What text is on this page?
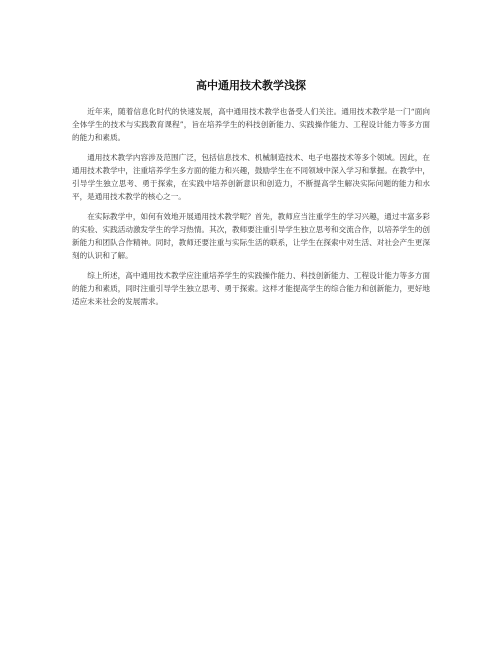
高中通用技术教学浅探

近年来，随着信息化时代的快速发展，高中通用技术教学也备受人们关注。通用技术教学是一门“面向全体学生的技术与实践教育课程”，旨在培养学生的科技创新能力、实践操作能力、工程设计能力等多方面的能力和素质。

通用技术教学内容涉及范围广泛，包括信息技术、机械制造技术、电子电器技术等多个领域。因此，在通用技术教学中，注重培养学生多方面的能力和兴趣，鼓励学生在不同领域中深入学习和掌握。在教学中，引导学生独立思考、勇于探索，在实践中培养创新意识和创造力，不断提高学生解决实际问题的能力和水平，是通用技术教学的核心之一。

在实际教学中，如何有效地开展通用技术教学呢？首先，教师应当注重学生的学习兴趣，通过丰富多彩的实验、实践活动激发学生的学习热情。其次，教师要注重引导学生独立思考和交流合作，以培养学生的创新能力和团队合作精神。同时，教师还要注重与实际生活的联系，让学生在探索中对生活、对社会产生更深刻的认识和了解。

综上所述，高中通用技术教学应注重培养学生的实践操作能力、科技创新能力、工程设计能力等多方面的能力和素质，同时注重引导学生独立思考、勇于探索。这样才能提高学生的综合能力和创新能力，更好地适应未来社会的发展需求。
